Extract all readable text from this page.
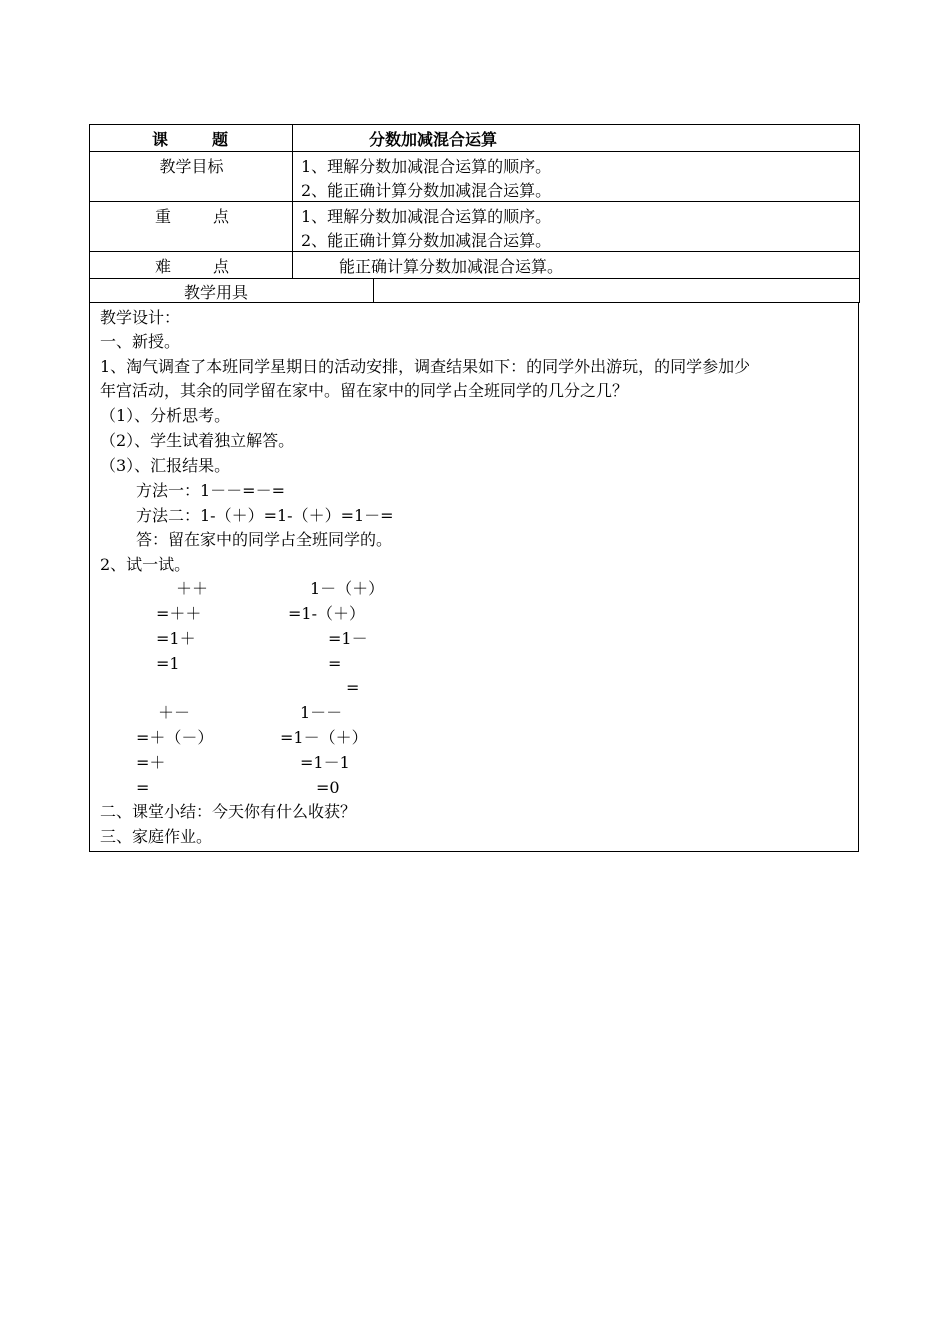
课	题	分数加减混合运算
教学目标	1、理解分数加减混合运算的顺序。
2、能正确计算分数加减混合运算。
重	点	1、理解分数加减混合运算的顺序。
2、能正确计算分数加减混合运算。
难	点	能正确计算分数加减混合运算。
教学用具
教学设计：
一、新授。
1、淘气调查了本班同学星期日的活动安排，调查结果如下：的同学外出游玩，的同学参加少
年宫活动，其余的同学留在家中。留在家中的同学占全班同学的几分之几？
（1）、分析思考。
（2）、学生试着独立解答。
（3）、汇报结果。
方法一：1－－=－=
方法二：1-（＋）=1-（＋）=1－=
答：留在家中的同学占全班同学的。
2、试一试。
＋＋
=＋＋
=1＋
=1
1－（＋）
=1-（＋）
=1－
=
=
＋－
=＋（－）
=＋
=
1－－
=1－（＋）
=1－1
=0
二、课堂小结：今天你有什么收获？
三、家庭作业。
